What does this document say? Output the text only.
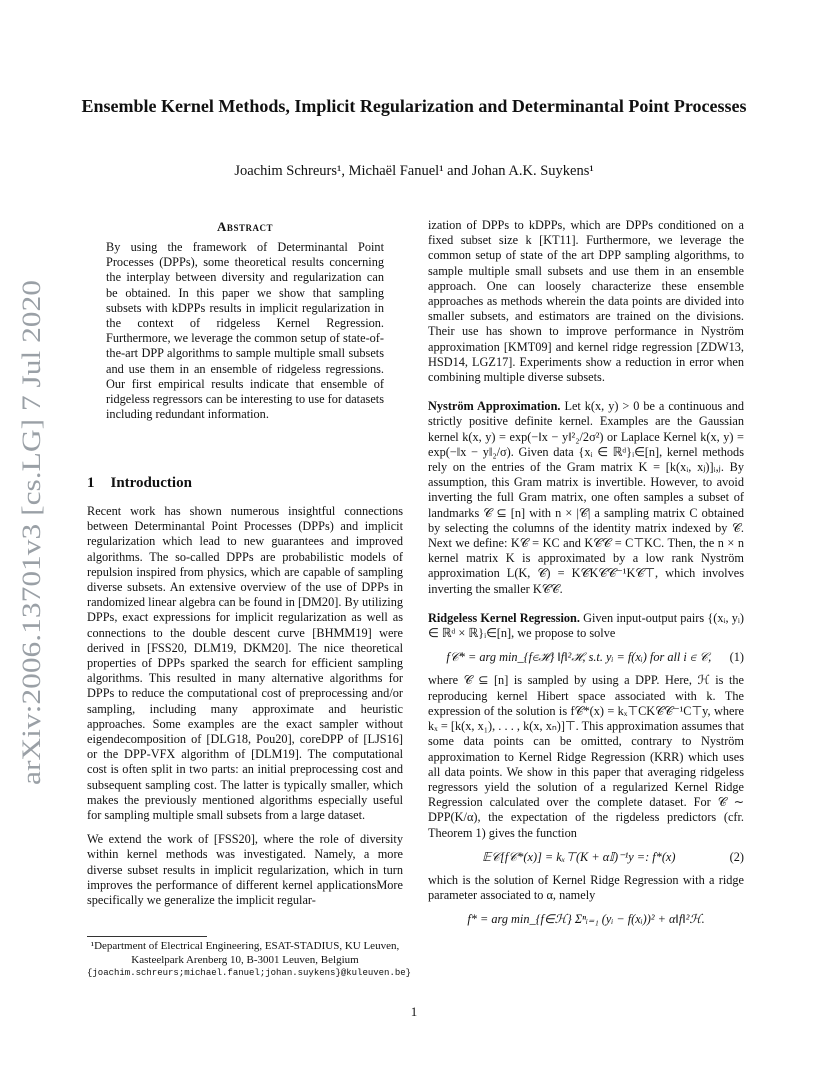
arXiv:2006.13701v3 [cs.LG] 7 Jul 2020
Ensemble Kernel Methods, Implicit Regularization and Determinantal Point Processes
Joachim Schreurs¹, Michaël Fanuel¹ and Johan A.K. Suykens¹
Abstract
By using the framework of Determinantal Point Processes (DPPs), some theoretical results concerning the interplay between diversity and regularization can be obtained. In this paper we show that sampling subsets with kDPPs results in implicit regularization in the context of ridgeless Kernel Regression. Furthermore, we leverage the common setup of state-of-the-art DPP algorithms to sample multiple small subsets and use them in an ensemble of ridgeless regressions. Our first empirical results indicate that ensemble of ridgeless regressors can be interesting to use for datasets including redundant information.
1 Introduction

Recent work has shown numerous insightful connections between Determinantal Point Processes (DPPs) and implicit regularization which lead to new guarantees and improved algorithms. The so-called DPPs are probabilistic models of repulsion inspired from physics, which are capable of sampling diverse subsets. An extensive overview of the use of DPPs in randomized linear algebra can be found in [DM20]. By utilizing DPPs, exact expressions for implicit regularization as well as connections to the double descent curve [BHMM19] were derived in [FSS20, DLM19, DKM20]. The nice theoretical properties of DPPs sparked the search for efficient sampling algorithms. This resulted in many alternative algorithms for DPPs to reduce the computational cost of preprocessing and/or sampling, including many approximate and heuristic approaches. Some examples are the exact sampler without eigendecomposition of [DLG18, Pou20], coreDPP of [LJS16] or the DPP-VFX algorithm of [DLM19]. The computational cost is often split in two parts: an initial preprocessing cost and subsequent sampling cost. The latter is typically smaller, which makes the previously mentioned algorithms especially useful for sampling multiple small subsets from a large dataset.

We extend the work of [FSS20], where the role of diversity within kernel methods was investigated. Namely, a more diverse subset results in implicit regularization, which in turn improves the performance of different kernel applicationsMore specifically we generalize the implicit regular-

ization of DPPs to kDPPs, which are DPPs conditioned on a fixed subset size k [KT11]. Furthermore, we leverage the common setup of state of the art DPP sampling algorithms, to sample multiple small subsets and use them in an ensemble approach. One can loosely characterize these ensemble approaches as methods wherein the data points are divided into smaller subsets, and estimators are trained on the divisions. Their use has shown to improve performance in Nyström approximation [KMT09] and kernel ridge regression [ZDW13, HSD14, LGZ17]. Experiments show a reduction in error when combining multiple diverse subsets.

Nyström Approximation. Let k(x, y) > 0 be a continuous and strictly positive definite kernel. Examples are the Gaussian kernel k(x, y) = exp(−‖x − y‖²₂/2σ²) or Laplace Kernel k(x, y) = exp(−‖x − y‖₂/σ). Given data {xᵢ ∈ ℝᵈ}ᵢ∈[n], kernel methods rely on the entries of the Gram matrix K = [k(xᵢ, xⱼ)]ᵢ,ⱼ. By assumption, this Gram matrix is invertible. However, to avoid inverting the full Gram matrix, one often samples a subset of landmarks 𝒞 ⊆ [n] with n × |𝒞| a sampling matrix C obtained by selecting the columns of the identity matrix indexed by 𝒞. Next we define: K𝒞 = KC and K𝒞𝒞 = C⊤KC. Then, the n × n kernel matrix K is approximated by a low rank Nyström approximation L(K, 𝒞) = K𝒞K𝒞𝒞⁻¹K𝒞⊤, which involves inverting the smaller K𝒞𝒞.

Ridgeless Kernel Regression. Given input-output pairs {(xᵢ, yᵢ) ∈ ℝᵈ × ℝ}ᵢ∈[n], we propose to solve

(1)
f𝒞* = arg min_{f∈ℋ} ‖f‖²ℋ, s.t. yᵢ = f(xᵢ) for all i ∈ 𝒞,

where 𝒞 ⊆ [n] is sampled by using a DPP. Here, ℋ is the reproducing kernel Hibert space associated with k. The expression of the solution is f𝒞*(x) = kₓ⊤CK𝒞𝒞⁻¹C⊤y, where kₓ = [k(x, x₁), . . . , k(x, xₙ)]⊤. This approximation assumes that some data points can be omitted, contrary to Nyström approximation to Kernel Ridge Regression (KRR) which uses all data points. We show in this paper that averaging ridgeless regressors yield the solution of a regularized Kernel Ridge Regression calculated over the complete dataset. For 𝒞 ∼ DPP(K/α), the expectation of the rigdeless predictors (cfr. Theorem 1) gives the function

(2)
𝔼𝒞[f𝒞*(x)] = kₓ⊤(K + α𝕀)⁻¹y =: f*(x)

which is the solution of Kernel Ridge Regression with a ridge parameter associated to α, namely

f* = arg min_{f∈ℋ} Σⁿᵢ₌₁ (yᵢ − f(xᵢ))² + α‖f‖²ℋ.
¹Department of Electrical Engineering, ESAT-STADIUS, KU Leuven, Kasteelpark Arenberg 10, B-3001 Leuven, Belgium
{joachim.schreurs;michael.fanuel;johan.suykens}@kuleuven.be}
1
